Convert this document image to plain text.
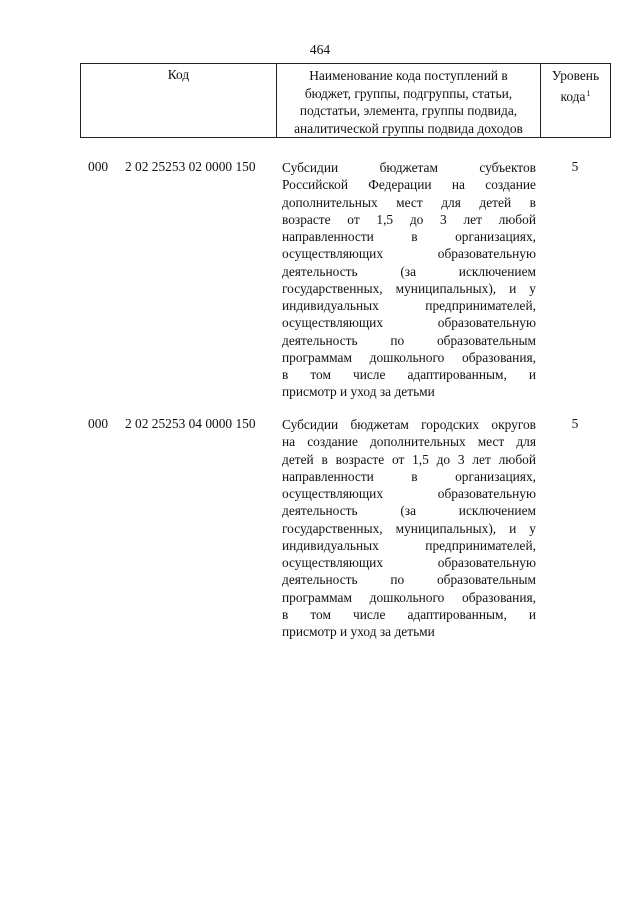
464
Код	Наименование кода поступлений в
бюджет, группы, подгруппы, статьи,
подстатьи, элемента, группы подвида,
аналитической группы подвида доходов
Уровень
кода$^1$
000 2 02 25253 02 0000 150 Субсидии бюджетам субъектов
Российской Федерации на создание
дополнительных мест для детей в
возрасте от 1,5 до 3 лет любой
направленности в организациях,
осуществляющих образовательную
деятельность (за исключением
государственных, муниципальных), и у
индивидуальных предпринимателей,
осуществляющих образовательную
деятельность по образовательным
программам дошкольного образования,
в том числе адаптированным, и
присмотр и уход за детьми
5
000 2 02 25253 04 0000 150 Субсидии бюджетам городских округов
на создание дополнительных мест для
детей в возрасте от 1,5 до 3 лет любой
направленности в организациях,
осуществляющих образовательную
деятельность (за исключением
государственных, муниципальных), и у
индивидуальных предпринимателей,
осуществляющих образовательную
деятельность по образовательным
программам дошкольного образования,
в том числе адаптированным, и
присмотр и уход за детьми
5
